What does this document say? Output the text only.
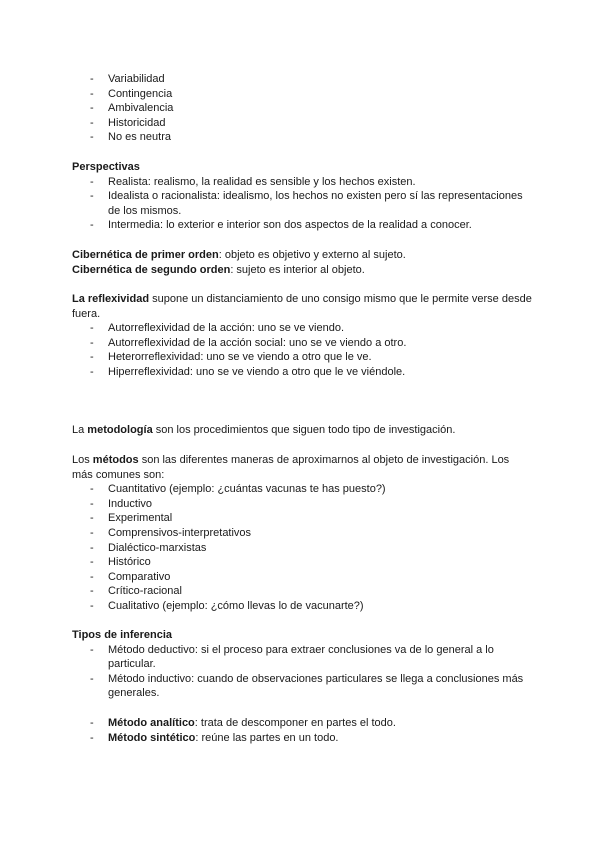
- Variabilidad
- Contingencia
- Ambivalencia
- Historicidad
- No es neutra

Perspectivas

- Realista: realismo, la realidad es sensible y los hechos existen.
- Idealista o racionalista: idealismo, los hechos no existen pero sí las representaciones de los mismos.
- Intermedia: lo exterior e interior son dos aspectos de la realidad a conocer.

Cibernética de primer orden: objeto es objetivo y externo al sujeto.

Cibernética de segundo orden: sujeto es interior al objeto.

La reflexividad supone un distanciamiento de uno consigo mismo que le permite verse desde fuera.

- Autorreflexividad de la acción: uno se ve viendo.
- Autorreflexividad de la acción social: uno se ve viendo a otro.
- Heterorreflexividad: uno se ve viendo a otro que le ve.
- Hiperreflexividad: uno se ve viendo a otro que le ve viéndole.

La metodología son los procedimientos que siguen todo tipo de investigación.

Los métodos son las diferentes maneras de aproximarnos al objeto de investigación. Los más comunes son:

- Cuantitativo (ejemplo: ¿cuántas vacunas te has puesto?)
- Inductivo
- Experimental
- Comprensivos-interpretativos
- Dialéctico-marxistas
- Histórico
- Comparativo
- Crítico-racional
- Cualitativo (ejemplo: ¿cómo llevas lo de vacunarte?)

Tipos de inferencia

- Método deductivo: si el proceso para extraer conclusiones va de lo general a lo particular.
- Método inductivo: cuando de observaciones particulares se llega a conclusiones más generales.
- Método analítico: trata de descomponer en partes el todo.
- Método sintético: reúne las partes en un todo.
